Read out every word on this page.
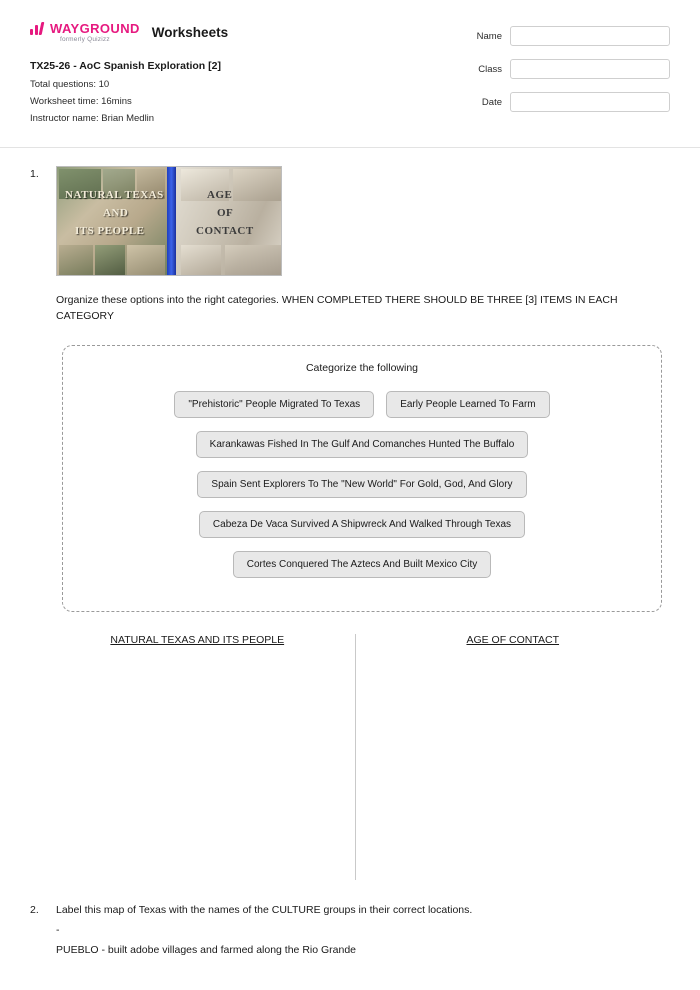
WAYGROUND
formerly Quizizz	Worksheets
TX25-26 - AoC Spanish Exploration [2]
Total questions: 10
Worksheet time: 16mins
Instructor name: Brian Medlin
Name
Class
Date
1.
NATURAL TEXAS
AND
ITS PEOPLE
AGE
OF
CONTACT
Organize these options into the right categories. WHEN COMPLETED THERE SHOULD BE THREE [3] ITEMS IN EACH CATEGORY
Categorize the following
"Prehistoric" People Migrated To Texas	Early People Learned To Farm
Karankawas Fished In The Gulf And Comanches Hunted The Buffalo
Spain Sent Explorers To The "New World" For Gold, God, And Glory
Cabeza De Vaca Survived A Shipwreck And Walked Through Texas
Cortes Conquered The Aztecs And Built Mexico City
NATURAL TEXAS AND ITS PEOPLE	AGE OF CONTACT
2.	Label this map of Texas with the names of the CULTURE groups in their correct locations.
-
PUEBLO - built adobe villages and farmed along the Rio Grande
